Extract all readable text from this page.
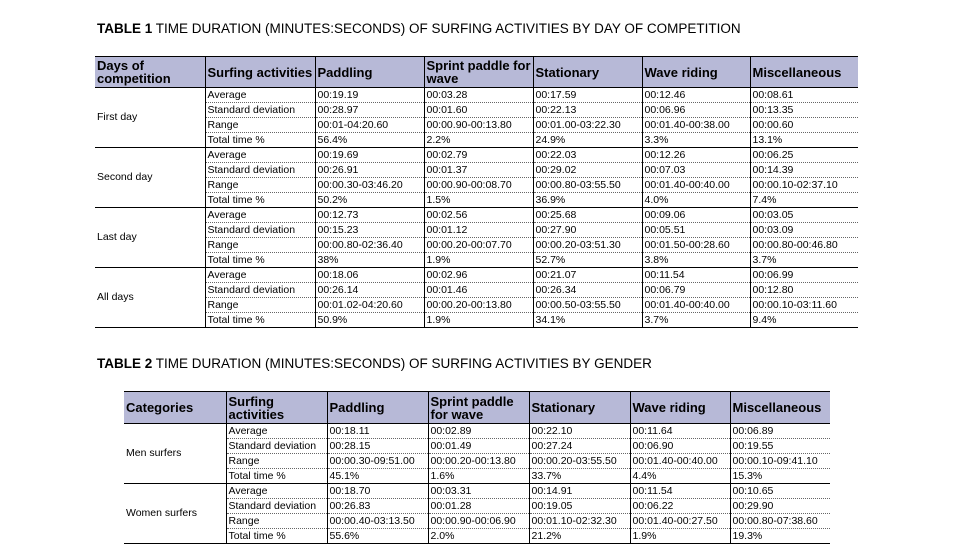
TABLE 1 TIME DURATION (MINUTES:SECONDS) OF SURFING ACTIVITIES BY DAY OF COMPETITION
Days of competition	Surfing activities	Paddling	Sprint paddle for wave	Stationary	Wave riding	Miscellaneous
First day	Average	00:19.19	00:03.28	00:17.59	00:12.46	00:08.61
	Standard deviation	00:28.97	00:01.60	00:22.13	00:06.96	00:13.35
	Range	00:01-04:20.60	00:00.90-00:13.80	00:01.00-03:22.30	00:01.40-00:38.00	00:00.60
	Total time %	56.4%	2.2%	24.9%	3.3%	13.1%
Second day	Average	00:19.69	00:02.79	00:22.03	00:12.26	00:06.25
	Standard deviation	00:26.91	00:01.37	00:29.02	00:07.03	00:14.39
	Range	00:00.30-03:46.20	00:00.90-00:08.70	00:00.80-03:55.50	00:01.40-00:40.00	00:00.10-02:37.10
	Total time %	50.2%	1.5%	36.9%	4.0%	7.4%
Last day	Average	00:12.73	00:02.56	00:25.68	00:09.06	00:03.05
	Standard deviation	00:15.23	00:01.12	00:27.90	00:05.51	00:03.09
	Range	00:00.80-02:36.40	00:00.20-00:07.70	00:00.20-03:51.30	00:01.50-00:28.60	00:00.80-00:46.80
	Total time %	38%	1.9%	52.7%	3.8%	3.7%
All days	Average	00:18.06	00:02.96	00:21.07	00:11.54	00:06.99
	Standard deviation	00:26.14	00:01.46	00:26.34	00:06.79	00:12.80
	Range	00:01.02-04:20.60	00:00.20-00:13.80	00:00.50-03:55.50	00:01.40-00:40.00	00:00.10-03:11.60
	Total time %	50.9%	1.9%	34.1%	3.7%	9.4%
TABLE 2 TIME DURATION (MINUTES:SECONDS) OF SURFING ACTIVITIES BY GENDER
Categories	Surfing activities	Paddling	Sprint paddle for wave	Stationary	Wave riding	Miscellaneous
Men surfers	Average	00:18.11	00:02.89	00:22.10	00:11.64	00:06.89
	Standard deviation	00:28.15	00:01.49	00:27.24	00:06.90	00:19.55
	Range	00:00.30-09:51.00	00:00.20-00:13.80	00:00.20-03:55.50	00:01.40-00:40.00	00:00.10-09:41.10
	Total time %	45.1%	1.6%	33.7%	4.4%	15.3%
Women surfers	Average	00:18.70	00:03.31	00:14.91	00:11.54	00:10.65
	Standard deviation	00:26.83	00:01.28	00:19.05	00:06.22	00:29.90
	Range	00:00.40-03:13.50	00:00.90-00:06.90	00:01.10-02:32.30	00:01.40-00:27.50	00:00.80-07:38.60
	Total time %	55.6%	2.0%	21.2%	1.9%	19.3%
